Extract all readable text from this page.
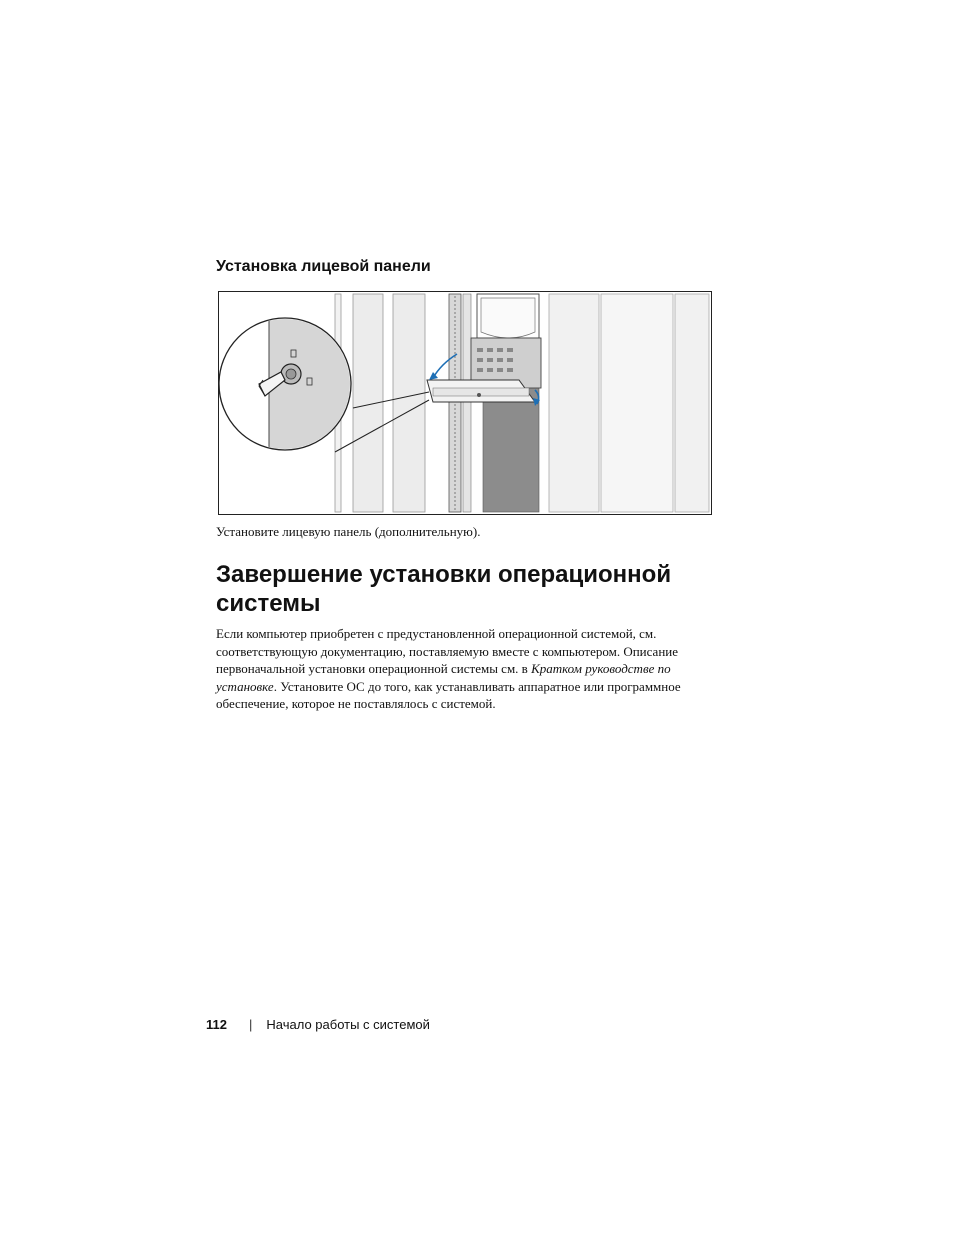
Установка лицевой панели

Установите лицевую панель (дополнительную).

Завершение установки операционной системы

Если компьютер приобретен с предустановленной операционной системой, см. соответствующую документацию, поставляемую вместе с компьютером. Описание первоначальной установки операционной системы см. в Кратком руководстве по установке. Установите ОС до того, как устанавливать аппаратное или программное обеспечение, которое не поставлялось с системой.

112 | Начало работы с системой
